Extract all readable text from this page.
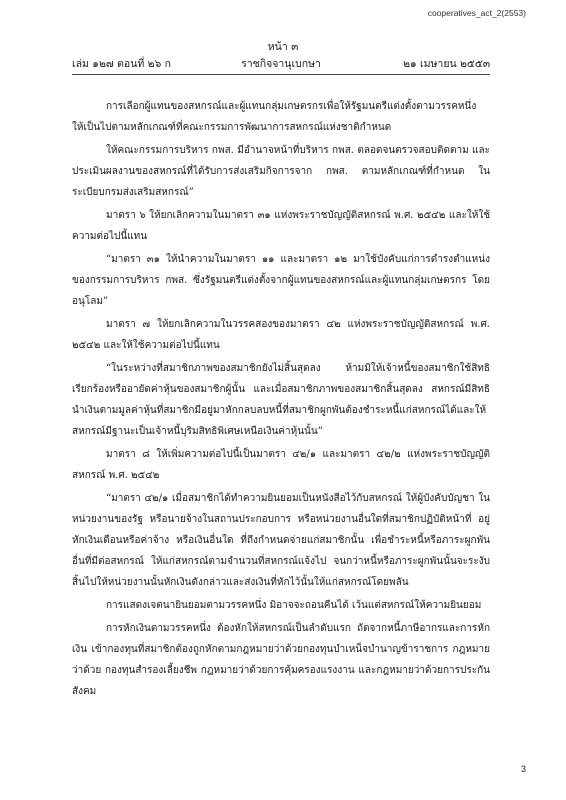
cooperatives_act_2(2553)
หน้า ๓
ราชกิจจานุเบกษา
เล่ม ๑๒๗ ตอนที่ ๒๖ ก	๒๑ เมษายน ๒๕๕๓

การเลือกผู้แทนของสหกรณ์และผู้แทนกลุ่มเกษตรกรเพื่อให้รัฐมนตรีแต่งตั้งตามวรรคหนึ่ง ให้เป็นไปตามหลักเกณฑ์ที่คณะกรรมการพัฒนาการสหกรณ์แห่งชาติกำหนด

ให้คณะกรรมการบริหาร กพส. มีอำนาจหน้าที่บริหาร กพส. ตลอดจนตรวจสอบติดตาม และประเมินผลงานของสหกรณ์ที่ได้รับการส่งเสริมกิจการจาก กพส. ตามหลักเกณฑ์ที่กำหนด ในระเบียบกรมส่งเสริมสหกรณ์”

มาตรา ๖ ให้ยกเลิกความในมาตรา ๓๑ แห่งพระราชบัญญัติสหกรณ์ พ.ศ. ๒๕๔๒ และให้ใช้ความต่อไปนี้แทน

“มาตรา ๓๑ ให้นำความในมาตรา ๑๑ และมาตรา ๑๒ มาใช้บังคับแก่การดำรงตำแหน่ง ของกรรมการบริหาร กพส. ซึ่งรัฐมนตรีแต่งตั้งจากผู้แทนของสหกรณ์และผู้แทนกลุ่มเกษตรกร โดยอนุโลม”

มาตรา ๗ ให้ยกเลิกความในวรรคสองของมาตรา ๔๒ แห่งพระราชบัญญัติสหกรณ์ พ.ศ. ๒๕๔๒ และให้ใช้ความต่อไปนี้แทน

“ในระหว่างที่สมาชิกภาพของสมาชิกยังไม่สิ้นสุดลง ห้ามมิให้เจ้าหนี้ของสมาชิกใช้สิทธิ เรียกร้องหรืออายัดค่าหุ้นของสมาชิกผู้นั้น และเมื่อสมาชิกภาพของสมาชิกสิ้นสุดลง สหกรณ์มีสิทธิ นำเงินตามมูลค่าหุ้นที่สมาชิกมีอยู่มาหักกลบลบหนี้ที่สมาชิกผูกพันต้องชำระหนี้แก่สหกรณ์ได้และให้ สหกรณ์มีฐานะเป็นเจ้าหนี้บุริมสิทธิพิเศษเหนือเงินค่าหุ้นนั้น”

มาตรา ๘ ให้เพิ่มความต่อไปนี้เป็นมาตรา ๔๒/๑ และมาตรา ๔๒/๒ แห่งพระราชบัญญัติ สหกรณ์ พ.ศ. ๒๕๔๒

“มาตรา ๔๒/๑ เมื่อสมาชิกได้ทำความยินยอมเป็นหนังสือไว้กับสหกรณ์ ให้ผู้บังคับบัญชา ในหน่วยงานของรัฐ หรือนายจ้างในสถานประกอบการ หรือหน่วยงานอื่นใดที่สมาชิกปฏิบัติหน้าที่ อยู่หักเงินเดือนหรือค่าจ้าง หรือเงินอื่นใด ที่ถึงกำหนดจ่ายแก่สมาชิกนั้น เพื่อชำระหนี้หรือภาระผูกพัน อื่นที่มีต่อสหกรณ์ ให้แก่สหกรณ์ตามจำนวนที่สหกรณ์แจ้งไป จนกว่าหนี้หรือภาระผูกพันนั้นจะระงับ สิ้นไปให้หน่วยงานนั้นหักเงินดังกล่าวและส่งเงินที่หักไว้นั้นให้แก่สหกรณ์โดยพลัน

การแสดงเจตนายินยอมตามวรรคหนึ่ง มิอาจจะถอนคืนได้ เว้นแต่สหกรณ์ให้ความยินยอม

การหักเงินตามวรรคหนึ่ง ต้องหักให้สหกรณ์เป็นลำดับแรก ถัดจากหนี้ภาษีอากรและการหักเงิน เข้ากองทุนที่สมาชิกต้องถูกหักตามกฎหมายว่าด้วยกองทุนบำเหน็จบำนาญข้าราชการ กฎหมายว่าด้วย กองทุนสำรองเลี้ยงชีพ กฎหมายว่าด้วยการคุ้มครองแรงงาน และกฎหมายว่าด้วยการประกันสังคม

3
